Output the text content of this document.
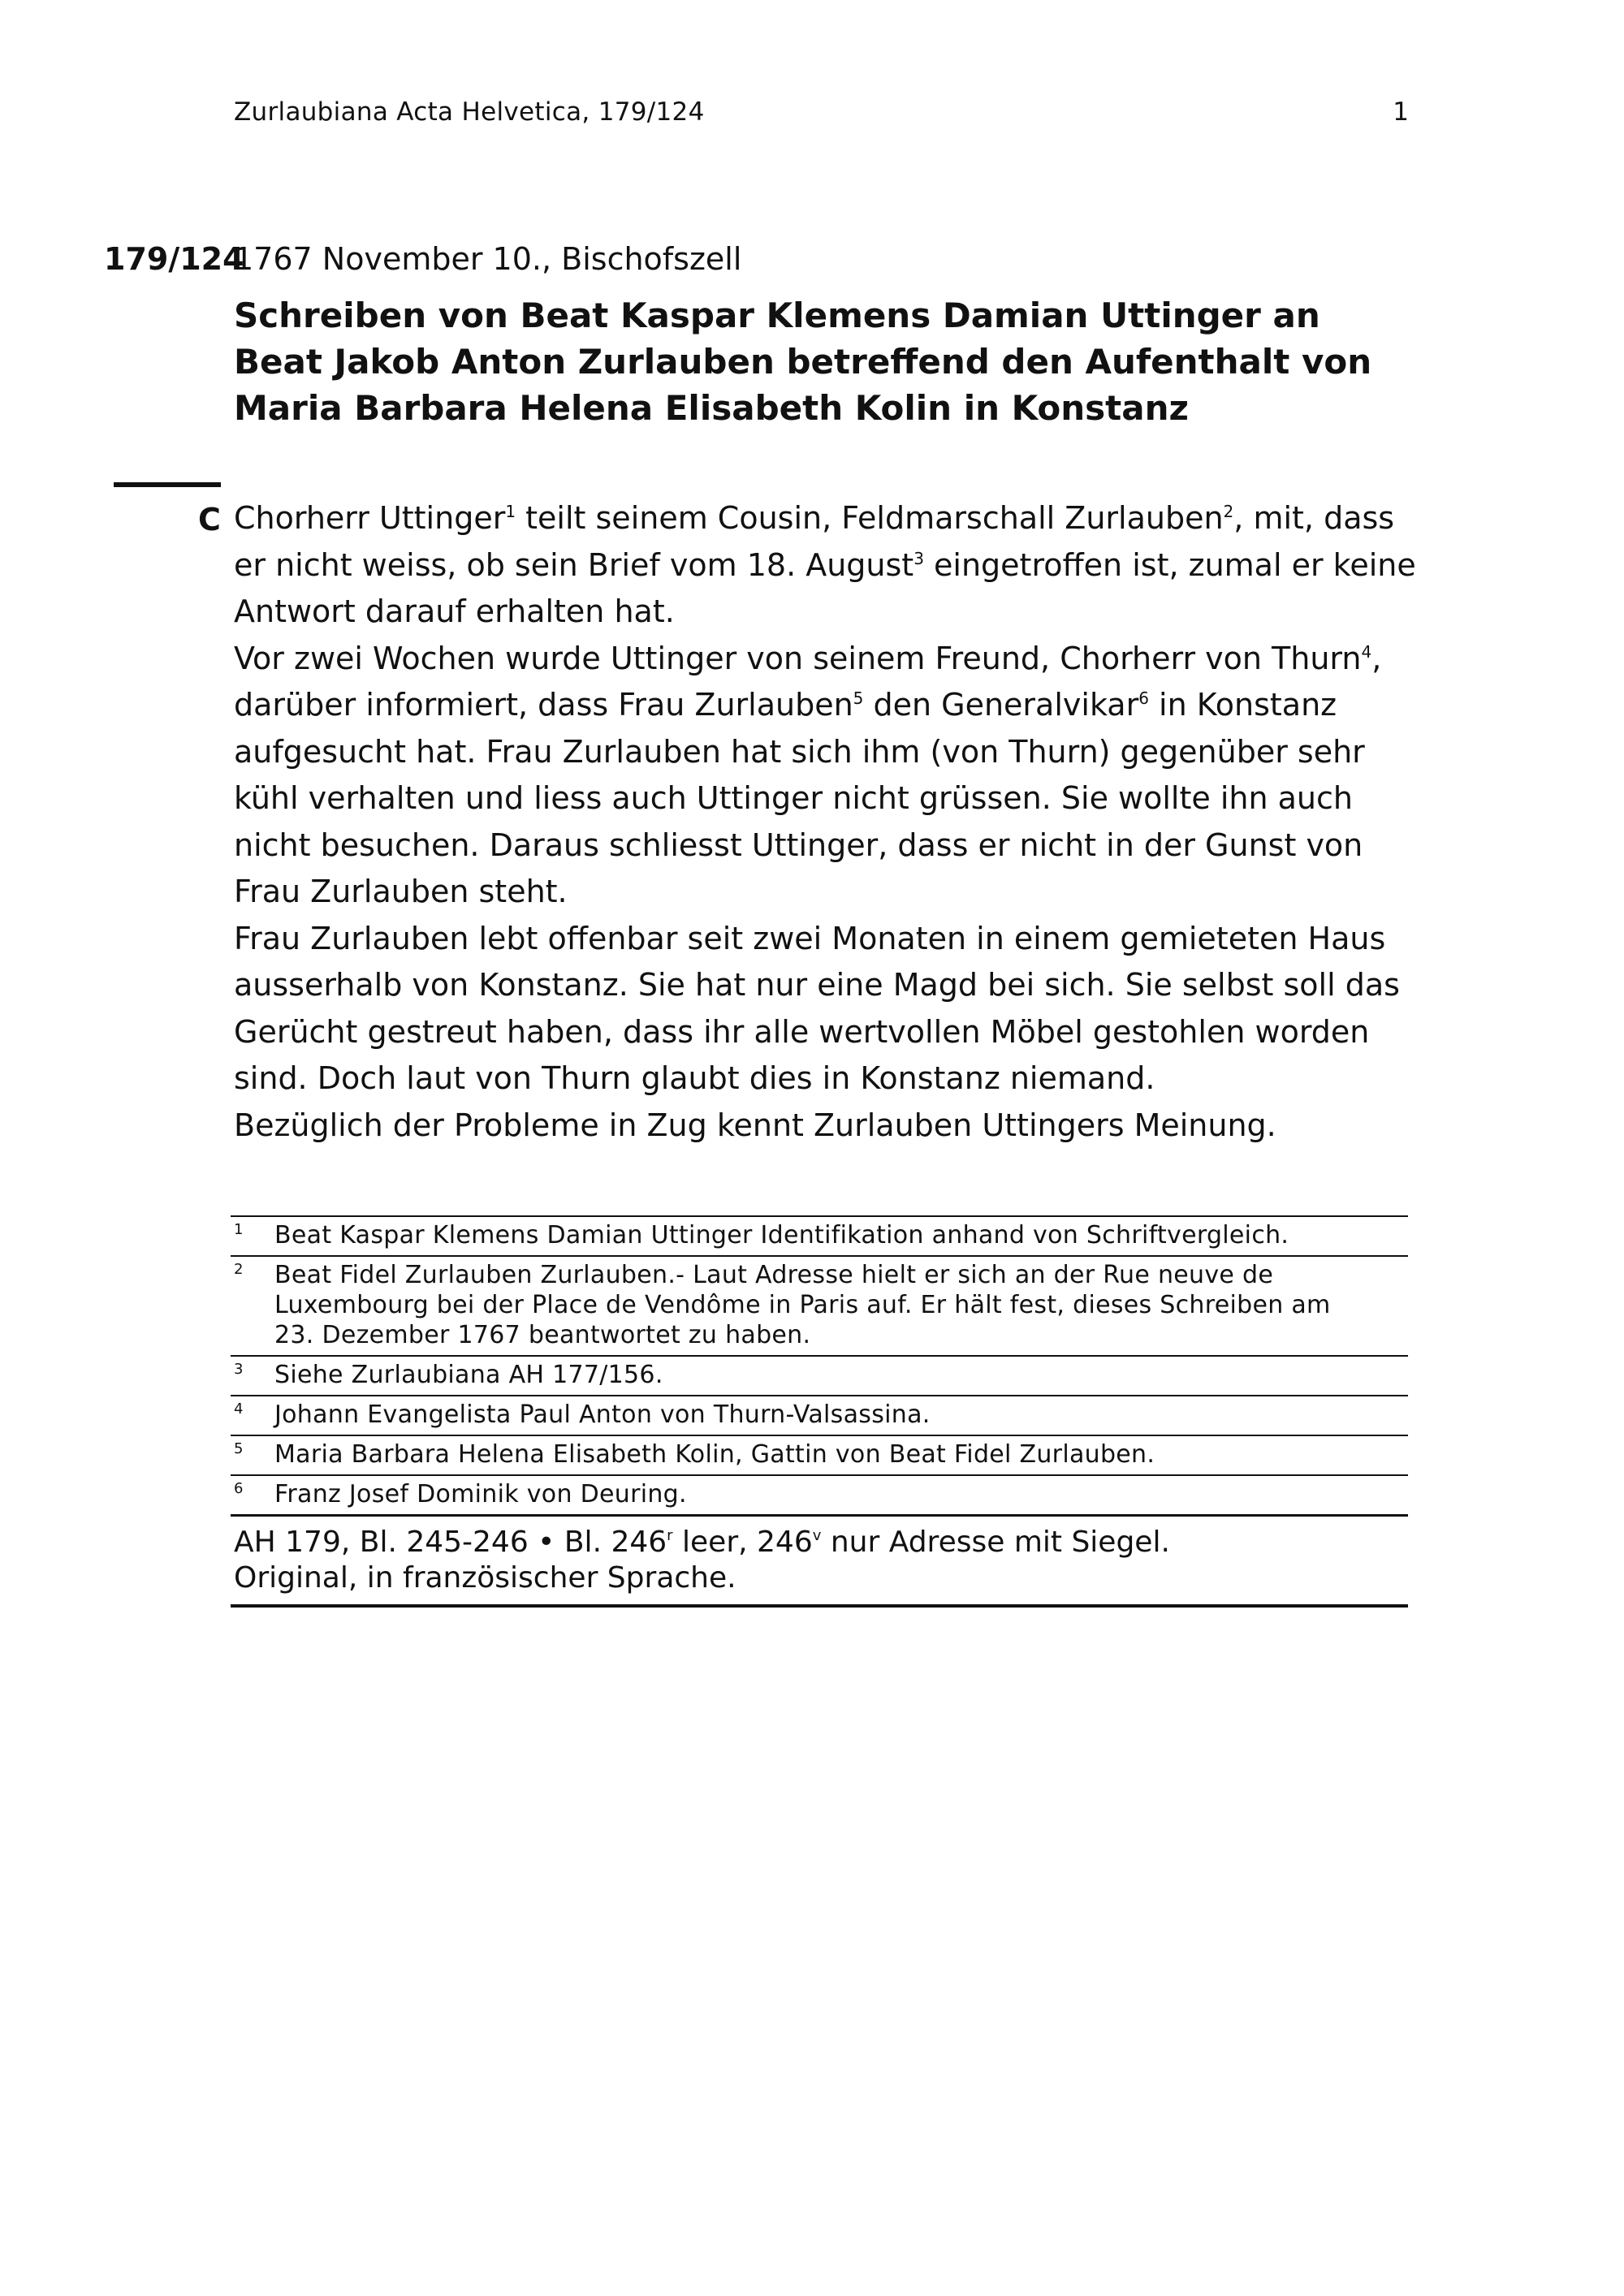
Zurlaubiana Acta Helvetica, 179/124	1
179/124
1767 November 10., Bischofszell
Schreiben von Beat Kaspar Klemens Damian Uttinger an Beat Jakob Anton Zurlauben betreffend den Aufenthalt von Maria Barbara Helena Elisabeth Kolin in Konstanz
C Chorherr Uttinger$^1$ teilt seinem Cousin, Feldmarschall Zurlauben$^2$, mit, dass er nicht weiss, ob sein Brief vom 18. August$^3$ eingetroffen ist, zumal er keine Antwort darauf erhalten hat.

Vor zwei Wochen wurde Uttinger von seinem Freund, Chorherr von Thurn$^4$, darüber informiert, dass Frau Zurlauben$^5$ den Generalvikar$^6$ in Konstanz aufgesucht hat. Frau Zurlauben hat sich ihm (von Thurn) gegenüber sehr kühl verhalten und liess auch Uttinger nicht grüssen. Sie wollte ihn auch nicht besuchen. Daraus schliesst Uttinger, dass er nicht in der Gunst von Frau Zurlauben steht.

Frau Zurlauben lebt offenbar seit zwei Monaten in einem gemieteten Haus ausserhalb von Konstanz. Sie hat nur eine Magd bei sich. Sie selbst soll das Gerücht gestreut haben, dass ihr alle wertvollen Möbel gestohlen worden sind. Doch laut von Thurn glaubt dies in Konstanz niemand.

Bezüglich der Probleme in Zug kennt Zurlauben Uttingers Meinung.

1	Beat Kaspar Klemens Damian Uttinger Identifikation anhand von Schriftvergleich.
2	Beat Fidel Zurlauben Zurlauben.- Laut Adresse hielt er sich an der Rue neuve de Luxembourg bei der Place de Vendôme in Paris auf. Er hält fest, dieses Schreiben am 23. Dezember 1767 beantwortet zu haben.
3	Siehe Zurlaubiana AH 177/156.
4	Johann Evangelista Paul Anton von Thurn-Valsassina.
5	Maria Barbara Helena Elisabeth Kolin, Gattin von Beat Fidel Zurlauben.
6	Franz Josef Dominik von Deuring.
AH 179, Bl. 245-246 • Bl. 246$^r$ leer, 246$^v$ nur Adresse mit Siegel.
Original, in französischer Sprache.
